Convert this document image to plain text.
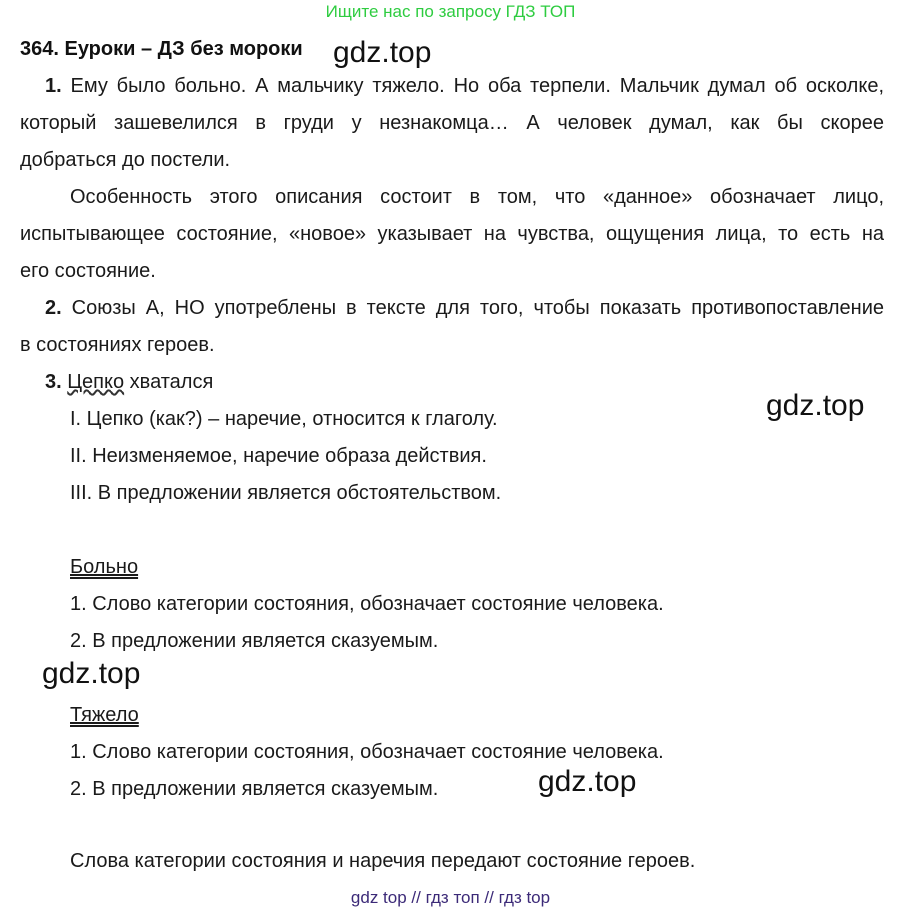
Ищите нас по запросу ГДЗ ТОП
364. Еуроки – ДЗ без мороки gdz.top
1. Ему было больно. А мальчику тяжело. Но оба терпели. Мальчик думал об осколке,
который зашевелился в груди у незнакомца… А человек думал, как бы скорее
добраться до постели.
Особенность этого описания состоит в том, что «данное» обозначает лицо,
испытывающее состояние, «новое» указывает на чувства, ощущения лица, то есть на
его состояние.
2. Союзы А, НО употреблены в тексте для того, чтобы показать противопоставление
в состояниях героев.
3. Цепко хватался
I. Цепко (как?) – наречие, относится к глаголу.	gdz.top
II. Неизменяемое, наречие образа действия.
III. В предложении является обстоятельством.
Больно
1. Слово категории состояния, обозначает состояние человека.
2. В предложении является сказуемым.
gdz.top
Тяжело
1. Слово категории состояния, обозначает состояние человека.
2. В предложении является сказуемым.	gdz.top
Слова категории состояния и наречия передают состояние героев.
gdz top // гдз топ // гдз top
